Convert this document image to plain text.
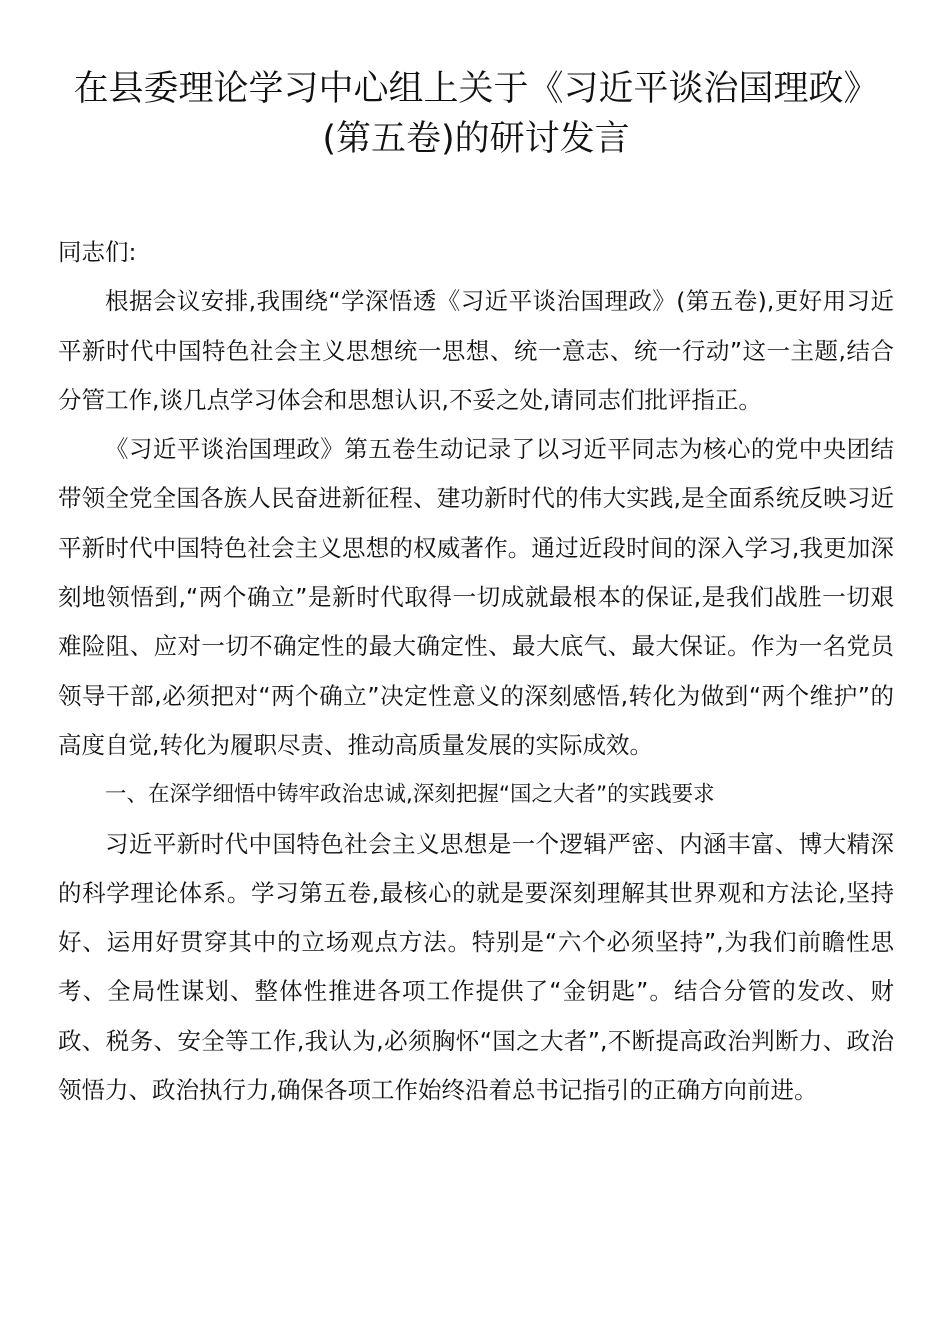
在县委理论学习中心组上关于《习近平谈治国理政》
(第五卷)的研讨发言

同志们:

根据会议安排,我围绕“学深悟透《习近平谈治国理政》(第五卷),更好用习近平新时代中国特色社会主义思想统一思想、统一意志、统一行动”这一主题,结合分管工作,谈几点学习体会和思想认识,不妥之处,请同志们批评指正。

《习近平谈治国理政》第五卷生动记录了以习近平同志为核心的党中央团结带领全党全国各族人民奋进新征程、建功新时代的伟大实践,是全面系统反映习近平新时代中国特色社会主义思想的权威著作。通过近段时间的深入学习,我更加深刻地领悟到,“两个确立”是新时代取得一切成就最根本的保证,是我们战胜一切艰难险阻、应对一切不确定性的最大确定性、最大底气、最大保证。作为一名党员领导干部,必须把对“两个确立”决定性意义的深刻感悟,转化为做到“两个维护”的高度自觉,转化为履职尽责、推动高质量发展的实际成效。

一、在深学细悟中铸牢政治忠诚,深刻把握“国之大者”的实践要求

习近平新时代中国特色社会主义思想是一个逻辑严密、内涵丰富、博大精深的科学理论体系。学习第五卷,最核心的就是要深刻理解其世界观和方法论,坚持好、运用好贯穿其中的立场观点方法。特别是“六个必须坚持”,为我们前瞻性思考、全局性谋划、整体性推进各项工作提供了“金钥匙”。结合分管的发改、财政、税务、安全等工作,我认为,必须胸怀“国之大者”,不断提高政治判断力、政治领悟力、政治执行力,确保各项工作始终沿着总书记指引的正确方向前进。
